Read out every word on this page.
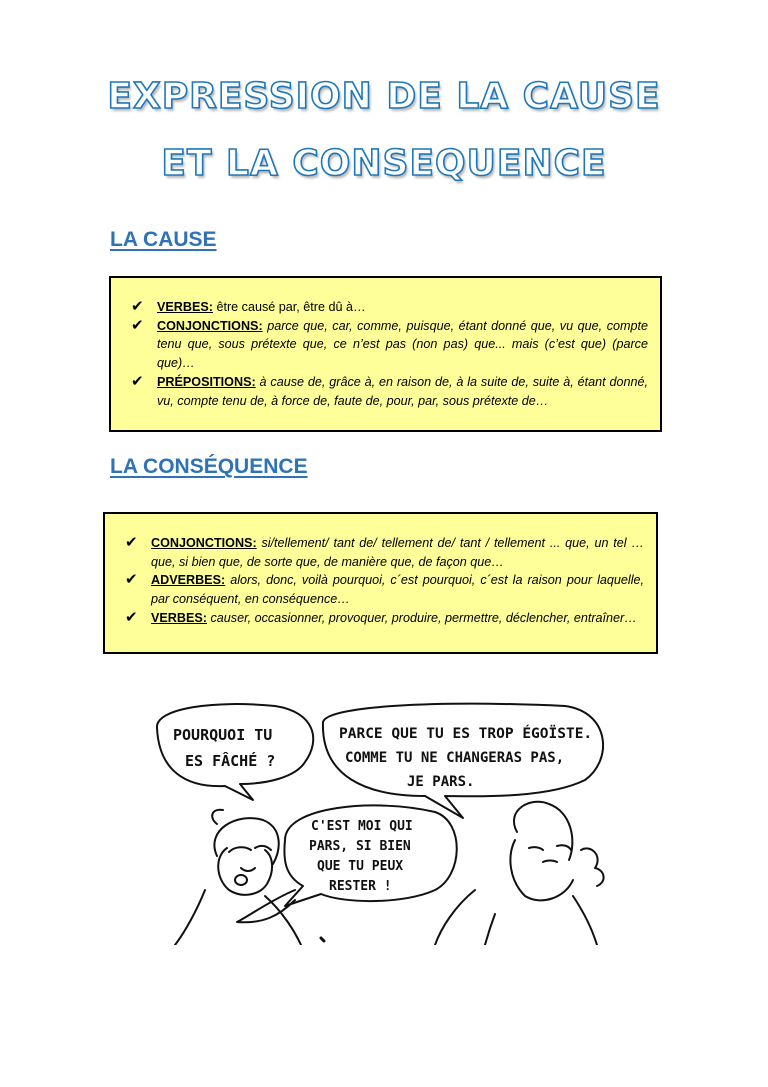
EXPRESSION DE LA CAUSE
ET LA CONSEQUENCE
LA CAUSE
✔ VERBES: être causé par, être dû à…
✔ CONJONCTIONS: parce que, car, comme, puisque, étant donné que, vu que, compte tenu que, sous prétexte que, ce n’est pas (non pas) que... mais (c’est que) (parce que)…
✔ PRÉPOSITIONS: à cause de, grâce à, en raison de, à la suite de, suite à, étant donné, vu, compte tenu de, à force de, faute de, pour, par, sous prétexte de…
LA CONSÉQUENCE
✔ CONJONCTIONS: si/tellement/ tant de/ tellement de/ tant / tellement ... que, un tel …que, si bien que, de sorte que, de manière que, de façon que…
✔ ADVERBES: alors, donc, voilà pourquoi, c´est pourquoi, c´est la raison pour laquelle, par conséquent, en conséquence…
✔ VERBES: causer, occasionner, provoquer, produire, permettre, déclencher, entraîner…
POURQUOI TU
ES FÂCHÉ ?
PARCE QUE TU ES TROP ÉGOÏSTE.
COMME TU NE CHANGERAS PAS,
JE PARS.
C'EST MOI QUI
PARS, SI BIEN
QUE TU PEUX
RESTER !
